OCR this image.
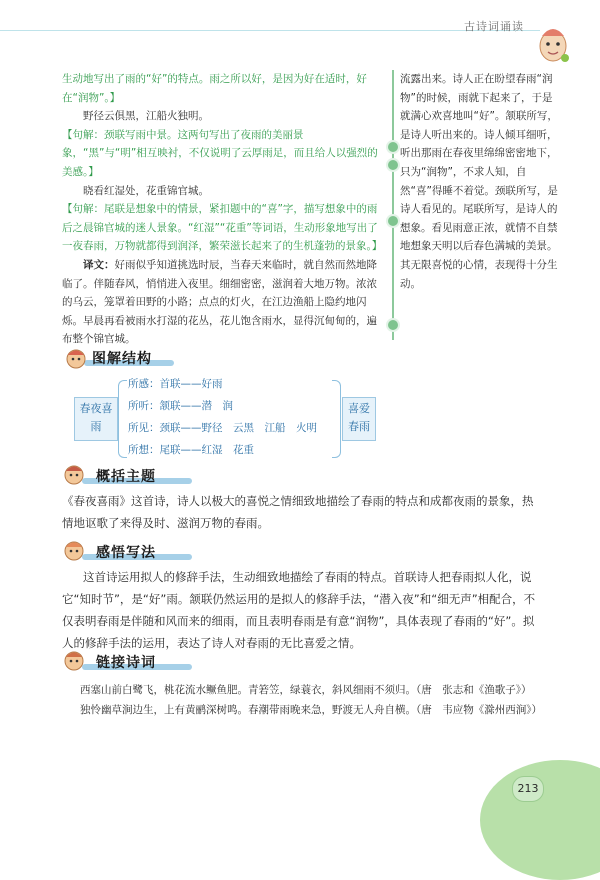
古诗词诵读

生动地写出了雨的“好”的特点。雨之所以好，是因为好在适时，好在“润物”。】

野径云俱黑，江船火独明。

【句解：颈联写雨中景。这两句写出了夜雨的美丽景象，“黑”与“明”相互映衬，不仅说明了云厚雨足，而且给人以强烈的美感。】

晓看红湿处，花重锦官城。

【句解：尾联是想象中的情景，紧扣题中的“喜”字，描写想象中的雨后之晨锦官城的迷人景象。“红湿”“花重”等词语，生动形象地写出了一夜春雨，万物就都得到润泽，繁荣滋长起来了的生机蓬勃的景象。】

译文：好雨似乎知道挑选时辰，当春天来临时，就自然而然地降临了。伴随春风，悄悄进入夜里。细细密密，滋润着大地万物。浓浓的乌云，笼罩着田野的小路；点点的灯火，在江边渔船上隐约地闪烁。早晨再看被雨水打湿的花丛，花儿饱含雨水，显得沉甸甸的，遍布整个锦官城。

流露出来。诗人正在盼望春雨“润物”的时候，雨就下起来了，于是就满心欢喜地叫“好”。颔联所写，是诗人听出来的。诗人倾耳细听，听出那雨在春夜里绵绵密密地下，只为“润物”，不求人知，自然“喜”得睡不着觉。颈联所写，是诗人看见的。尾联所写，是诗人的想象。看见雨意正浓，就情不自禁地想象天明以后春色满城的美景。其无限喜悦的心情，表现得十分生动。

图解结构
春夜喜雨
所感：首联——好雨
所听：颔联——潜　润
所见：颈联——野径　云黑　江船　火明
所想：尾联——红湿　花重
喜爱春雨
概括主题

《春夜喜雨》这首诗，诗人以极大的喜悦之情细致地描绘了春雨的特点和成都夜雨的景象，热情地讴歌了来得及时、滋润万物的春雨。

感悟写法

这首诗运用拟人的修辞手法，生动细致地描绘了春雨的特点。首联诗人把春雨拟人化，说它“知时节”，是“好”雨。颔联仍然运用的是拟人的修辞手法，“潜入夜”和“细无声”相配合，不仅表明春雨是伴随和风而来的细雨，而且表明春雨是有意“润物”，具体表现了春雨的“好”。拟人的修辞手法的运用，表达了诗人对春雨的无比喜爱之情。

链接诗词
西塞山前白鹭飞，桃花流水鳜鱼肥。青箬笠，绿蓑衣，斜风细雨不须归。（唐　张志和《渔歌子》）
独怜幽草涧边生，上有黄鹂深树鸣。春潮带雨晚来急，野渡无人舟自横。（唐　韦应物《滁州西涧》）
213
